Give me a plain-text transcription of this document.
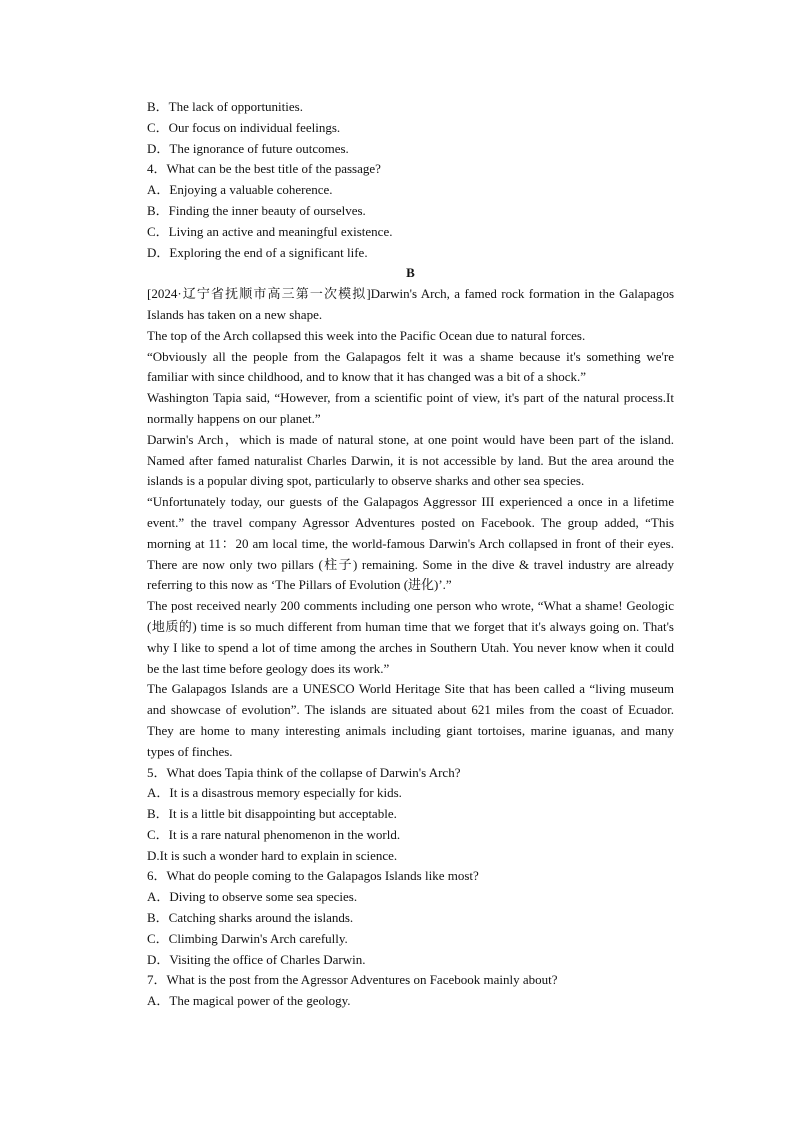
B．The lack of opportunities.

C．Our focus on individual feelings.

D．The ignorance of future outcomes.

4．What can be the best title of the passage?

A．Enjoying a valuable coherence.

B．Finding the inner beauty of ourselves.

C．Living an active and meaningful existence.

D．Exploring the end of a significant life.

B

[2024·辽宁省抚顺市高三第一次模拟]Darwin's Arch, a famed rock formation in the Galapagos Islands has taken on a new shape.

The top of the Arch collapsed this week into the Pacific Ocean due to natural forces.

“Obviously all the people from the Galapagos felt it was a shame because it's something we're familiar with since childhood, and to know that it has changed was a bit of a shock.”

Washington Tapia said, “However, from a scientific point of view, it's part of the natural process.It normally happens on our planet.”

Darwin's Arch，which is made of natural stone, at one point would have been part of the island. Named after famed naturalist Charles Darwin, it is not accessible by land. But the area around the islands is a popular diving spot, particularly to observe sharks and other sea species.

“Unfortunately today, our guests of the Galapagos Aggressor III experienced a once in a lifetime event.” the travel company Agressor Adventures posted on Facebook. The group added, “This morning at 11：20 am local time, the world-famous Darwin's Arch collapsed in front of their eyes. There are now only two pillars (柱子) remaining. Some in the dive & travel industry are already referring to this now as ‘The Pillars of Evolution (进化)’.”

The post received nearly 200 comments including one person who wrote, “What a shame! Geologic (地质的) time is so much different from human time that we forget that it's always going on. That's why I like to spend a lot of time among the arches in Southern Utah. You never know when it could be the last time before geology does its work.”

The Galapagos Islands are a UNESCO World Heritage Site that has been called a “living museum and showcase of evolution”. The islands are situated about 621 miles from the coast of Ecuador. They are home to many interesting animals including giant tortoises, marine iguanas, and many types of finches.

5．What does Tapia think of the collapse of Darwin's Arch?

A．It is a disastrous memory especially for kids.

B．It is a little bit disappointing but acceptable.

C．It is a rare natural phenomenon in the world.

D.It is such a wonder hard to explain in science.

6．What do people coming to the Galapagos Islands like most?

A．Diving to observe some sea species.

B．Catching sharks around the islands.

C．Climbing Darwin's Arch carefully.

D．Visiting the office of Charles Darwin.

7．What is the post from the Agressor Adventures on Facebook mainly about?

A．The magical power of the geology.
